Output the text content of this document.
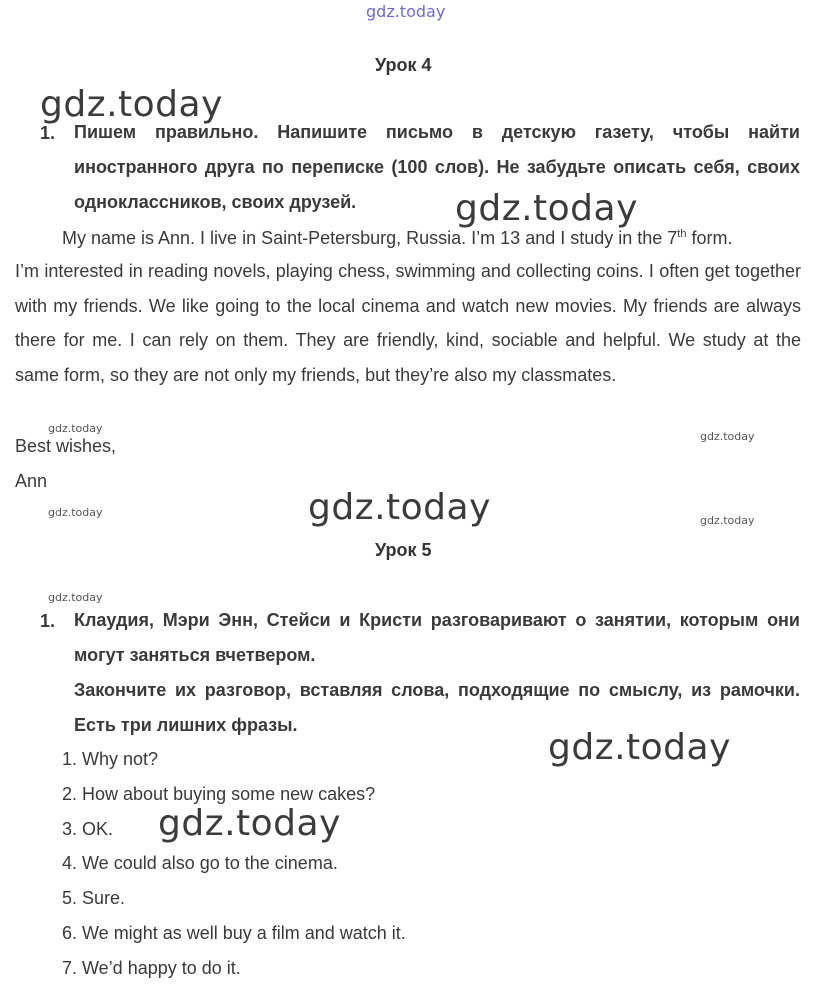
gdz.today
Урок 4
1. Пишем правильно. Напишите письмо в детскую газету, чтобы найти иностранного друга по переписке (100 слов). Не забудьте описать себя, своих одноклассников, своих друзей.
My name is Ann. I live in Saint-Petersburg, Russia. I’m 13 and I study in the 7th form.
I’m interested in reading novels, playing chess, swimming and collecting coins. I often get together with my friends. We like going to the local cinema and watch new movies. My friends are always there for me. I can rely on them. They are friendly, kind, sociable and helpful. We study at the same form, so they are not only my friends, but they’re also my classmates.
Best wishes,
Ann
Урок 5
1. Клаудия, Мэри Энн, Стейси и Кристи разговаривают о занятии, которым они могут заняться вчетвером.
Закончите их разговор, вставляя слова, подходящие по смыслу, из рамочки. Есть три лишних фразы.
1. Why not?
2. How about buying some new cakes?
3. OK.
4. We could also go to the cinema.
5. Sure.
6. We might as well buy a film and watch it.
7. We’d happy to do it.
gdz.today
gdz.today
gdz.today
gdz.today
gdz.today
gdz.today
gdz.today
gdz.today
gdz.today
gdz.today
